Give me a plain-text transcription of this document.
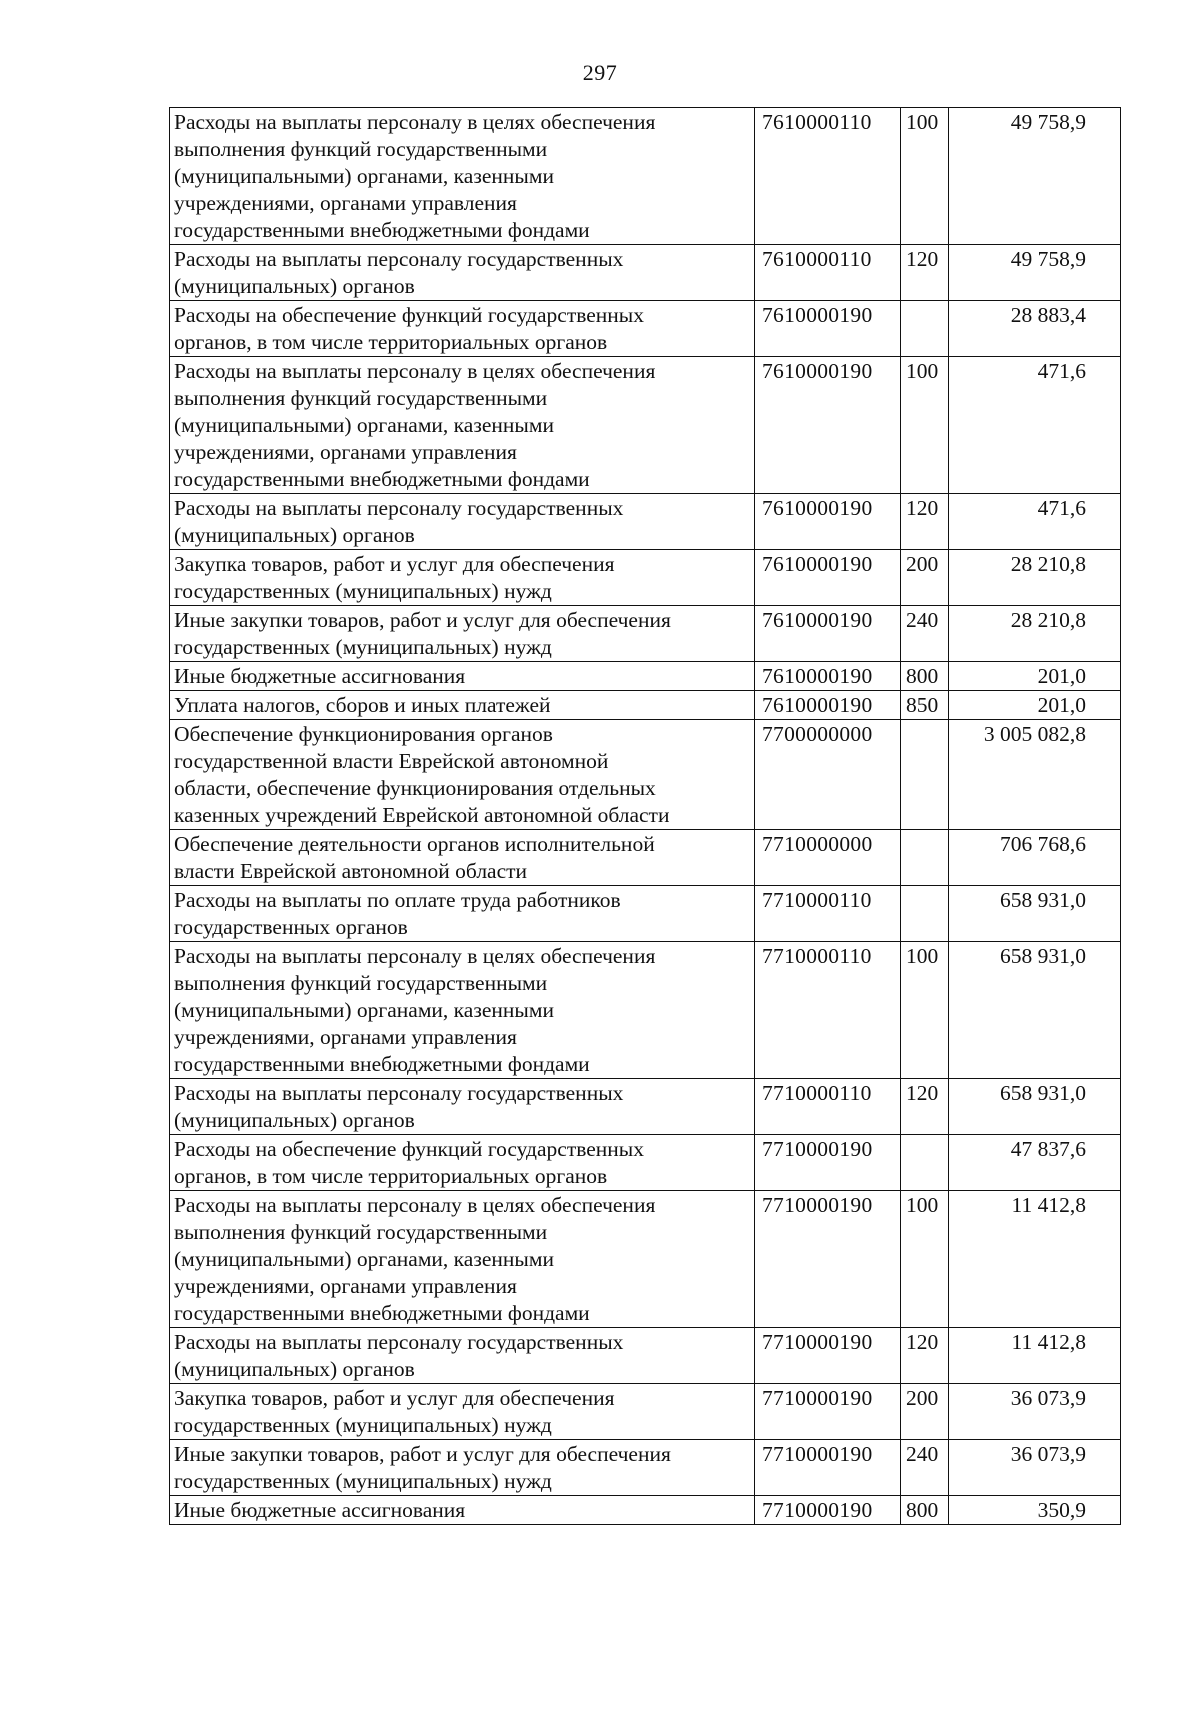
297
Расходы на выплаты персоналу в целях обеспечения
выполнения функций государственными
(муниципальными) органами, казенными
учреждениями, органами управления
государственными внебюджетными фондами	7610000110	100	49 758,9
Расходы на выплаты персоналу государственных
(муниципальных) органов	7610000110	120	49 758,9
Расходы на обеспечение функций государственных
органов, в том числе территориальных органов	7610000190		28 883,4
Расходы на выплаты персоналу в целях обеспечения
выполнения функций государственными
(муниципальными) органами, казенными
учреждениями, органами управления
государственными внебюджетными фондами	7610000190	100	471,6
Расходы на выплаты персоналу государственных
(муниципальных) органов	7610000190	120	471,6
Закупка товаров, работ и услуг для обеспечения
государственных (муниципальных) нужд	7610000190	200	28 210,8
Иные закупки товаров, работ и услуг для обеспечения
государственных (муниципальных) нужд	7610000190	240	28 210,8
Иные бюджетные ассигнования	7610000190	800	201,0
Уплата налогов, сборов и иных платежей	7610000190	850	201,0
Обеспечение функционирования органов
государственной власти Еврейской автономной
области, обеспечение функционирования отдельных
казенных учреждений Еврейской автономной области	7700000000		3 005 082,8
Обеспечение деятельности органов исполнительной
власти Еврейской автономной области	7710000000		706 768,6
Расходы на выплаты по оплате труда работников
государственных органов	7710000110		658 931,0
Расходы на выплаты персоналу в целях обеспечения
выполнения функций государственными
(муниципальными) органами, казенными
учреждениями, органами управления
государственными внебюджетными фондами	7710000110	100	658 931,0
Расходы на выплаты персоналу государственных
(муниципальных) органов	7710000110	120	658 931,0
Расходы на обеспечение функций государственных
органов, в том числе территориальных органов	7710000190		47 837,6
Расходы на выплаты персоналу в целях обеспечения
выполнения функций государственными
(муниципальными) органами, казенными
учреждениями, органами управления
государственными внебюджетными фондами	7710000190	100	11 412,8
Расходы на выплаты персоналу государственных
(муниципальных) органов	7710000190	120	11 412,8
Закупка товаров, работ и услуг для обеспечения
государственных (муниципальных) нужд	7710000190	200	36 073,9
Иные закупки товаров, работ и услуг для обеспечения
государственных (муниципальных) нужд	7710000190	240	36 073,9
Иные бюджетные ассигнования	7710000190	800	350,9
